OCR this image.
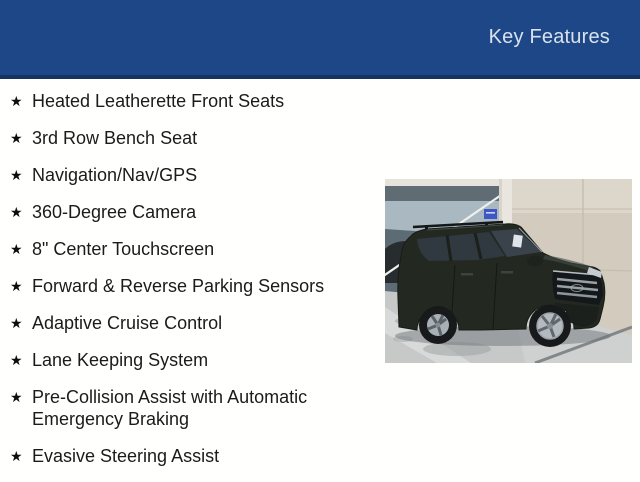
Key Features
★ Heated Leatherette Front Seats
★ 3rd Row Bench Seat
★ Navigation/Nav/GPS
★ 360-Degree Camera
★ 8" Center Touchscreen
★ Forward & Reverse Parking Sensors
★ Adaptive Cruise Control
★ Lane Keeping System
★ Pre-Collision Assist with Automatic Emergency Braking
★ Evasive Steering Assist
